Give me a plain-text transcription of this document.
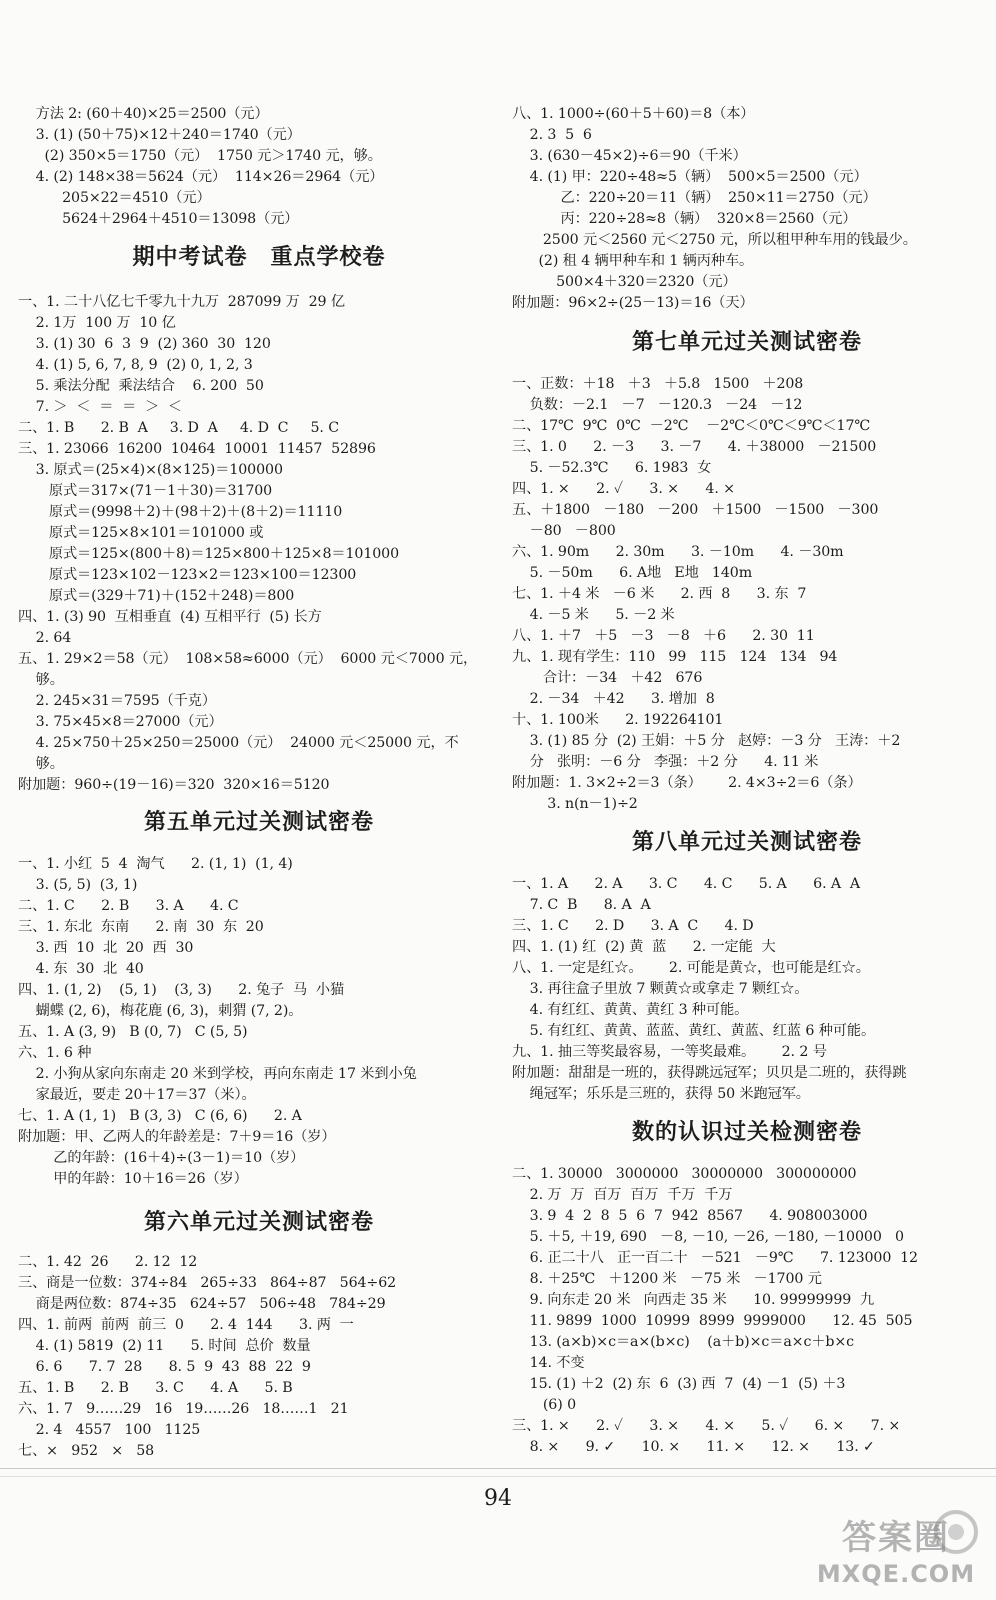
方法 2: (60＋40)×25＝2500（元）
3. (1) (50＋75)×12＋240＝1740（元）
(2) 350×5＝1750（元）  1750 元＞1740 元，够。
4. (2) 148×38＝5624（元）  114×26＝2964（元）
205×22＝4510（元）
5624＋2964＋4510＝13098（元）
期中考试卷　重点学校卷
一、1. 二十八亿七千零九十九万  287099 万  29 亿
2. 1万  100 万  10 亿
3. (1) 30  6  3  9  (2) 360  30  120
4. (1) 5, 6, 7, 8, 9  (2) 0, 1, 2, 3
5. 乘法分配  乘法结合    6. 200  50
7. ＞  ＜  ＝  ＝  ＞  ＜
二、1. B      2. B  A     3. D  A     4. D  C     5. C
三、1. 23066  16200  10464  10001  11457  52896
3. 原式＝(25×4)×(8×125)＝100000
原式＝317×(71－1＋30)＝31700
原式＝(9998＋2)＋(98＋2)＋(8＋2)＝11110
原式＝125×8×101＝101000 或
原式＝125×(800＋8)＝125×800＋125×8＝101000
原式＝123×102－123×2＝123×100＝12300
原式＝(329＋71)＋(152＋248)＝800
四、1. (3) 90  互相垂直  (4) 互相平行  (5) 长方
2. 64
五、1. 29×2＝58（元）  108×58≈6000（元）  6000 元＜7000 元，
够。
2. 245×31＝7595（千克）
3. 75×45×8＝27000（元）
4. 25×750＋25×250＝25000（元）  24000 元＜25000 元，不
够。
附加题：960÷(19－16)＝320  320×16＝5120
第五单元过关测试密卷
一、1. 小红  5  4  淘气      2. (1, 1)  (1, 4)
3. (5, 5)  (3, 1)
二、1. C      2. B      3. A      4. C
三、1. 东北  东南      2. 南  30  东  20
3. 西  10  北  20  西  30
4. 东  30  北  40
四、1. (1, 2)    (5, 1)    (3, 3)      2. 兔子  马  小猫
蝴蝶 (2, 6)，梅花鹿 (6, 3)，刺猬 (7, 2)。
五、1. A (3, 9)   B (0, 7)   C (5, 5)
六、1. 6 种
2. 小狗从家向东南走 20 米到学校，再向东南走 17 米到小兔
家最近，要走 20＋17＝37（米）。
七、1. A (1, 1)   B (3, 3)   C (6, 6)      2. A
附加题：甲、乙两人的年龄差是：7＋9＝16（岁）
乙的年龄：(16＋4)÷(3－1)＝10（岁）
甲的年龄：10＋16＝26（岁）
第六单元过关测试密卷
二、1. 42  26      2. 12  12
三、商是一位数：374÷84   265÷33   864÷87   564÷62
商是两位数：874÷35   624÷57   506÷48   784÷29
四、1. 前两  前两  前三  0      2. 4  144      3. 两  一
4. (1) 5819  (2) 11      5. 时间  总价  数量
6. 6      7. 7  28      8. 5  9  43  88  22  9
五、1. B      2. B      3. C      4. A      5. B
六、1. 7   9……29   16   19……26   18……1   21
2. 4   4557   100   1125
七、×   952   ×   58
八、1. 1000÷(60＋5＋60)＝8（本）
2. 3  5  6
3. (630－45×2)÷6＝90（千米）
4. (1) 甲：220÷48≈5（辆）  500×5＝2500（元）
乙：220÷20＝11（辆）  250×11＝2750（元）
丙：220÷28≈8（辆）  320×8＝2560（元）
2500 元＜2560 元＜2750 元，所以租甲种车用的钱最少。
(2) 租 4 辆甲种车和 1 辆丙种车。
500×4＋320＝2320（元）
附加题：96×2÷(25－13)＝16（天）
第七单元过关测试密卷
一、正数：＋18   ＋3   ＋5.8   1500   ＋208
负数：－2.1   －7   －120.3   －24   －12
二、17℃  9℃  0℃  －2℃    －2℃＜0℃＜9℃＜17℃
三、1. 0      2. －3      3. －7      4. ＋38000   －21500
5. －52.3℃      6. 1983  女
四、1. ×      2. ✓      3. ×      4. ×
五、＋1800   －180   －200   ＋1500   －1500   －300
－80   －800
六、1. 90m      2. 30m      3. －10m      4. －30m
5. －50m      6. A地   E地   140m
七、1. ＋4 米   －6 米      2. 西  8      3. 东  7
4. －5 米      5. －2 米
八、1. ＋7   ＋5   －3   －8   ＋6      2. 30  11
九、1. 现有学生：110   99   115   124   134   94
合计：－34   ＋42   676
2. －34   ＋42      3. 增加  8
十、1. 100米      2. 192264101
3. (1) 85 分  (2) 王娟：＋5 分   赵婷：－3 分   王涛：＋2
分   张明：－6 分   李强：＋2 分      4. 11 米
附加题：1. 3×2÷2＝3（条）      2. 4×3÷2＝6（条）
3. n(n－1)÷2
第八单元过关测试密卷
一、1. A      2. A      3. C      4. C      5. A      6. A  A
7. C  B      8. A  A
三、1. C      2. D      3. A  C      4. D
四、1. (1) 红  (2) 黄  蓝      2. 一定能  大
八、1. 一定是红☆。      2. 可能是黄☆，也可能是红☆。
3. 再往盒子里放 7 颗黄☆或拿走 7 颗红☆。
4. 有红红、黄黄、黄红 3 种可能。
5. 有红红、黄黄、蓝蓝、黄红、黄蓝、红蓝 6 种可能。
九、1. 抽三等奖最容易，一等奖最难。      2. 2 号
附加题：甜甜是一班的，获得跳远冠军；贝贝是二班的，获得跳
绳冠军；乐乐是三班的，获得 50 米跑冠军。
数的认识过关检测密卷
二、1. 30000   3000000   30000000   300000000
2. 万  万  百万  百万  千万  千万
3. 9  4  2  8  5  6  7  942  8567      4. 908003000
5. ＋5, ＋19, 690   －8, －10, －26, －180, －10000   0
6. 正二十八   正一百二十   －521   －9℃      7. 123000  12
8. ＋25℃   ＋1200 米   －75 米   －1700 元
9. 向东走 20 米   向西走 35 米      10. 99999999  九
11. 9899  1000  10999  8999  9999000      12. 45  505
13. (a×b)×c＝a×(b×c)    (a＋b)×c＝a×c＋b×c
14. 不变
15. (1) ＋2  (2) 东  6  (3) 西  7  (4) －1  (5) ＋3
(6) 0
三、1. ×      2. ✓      3. ×      4. ×      5. ✓      6. ×      7. ×
8. ×      9. ✓      10. ×      11. ×      12. ×      13. ✓
94
答案圈
MXQE.COM
